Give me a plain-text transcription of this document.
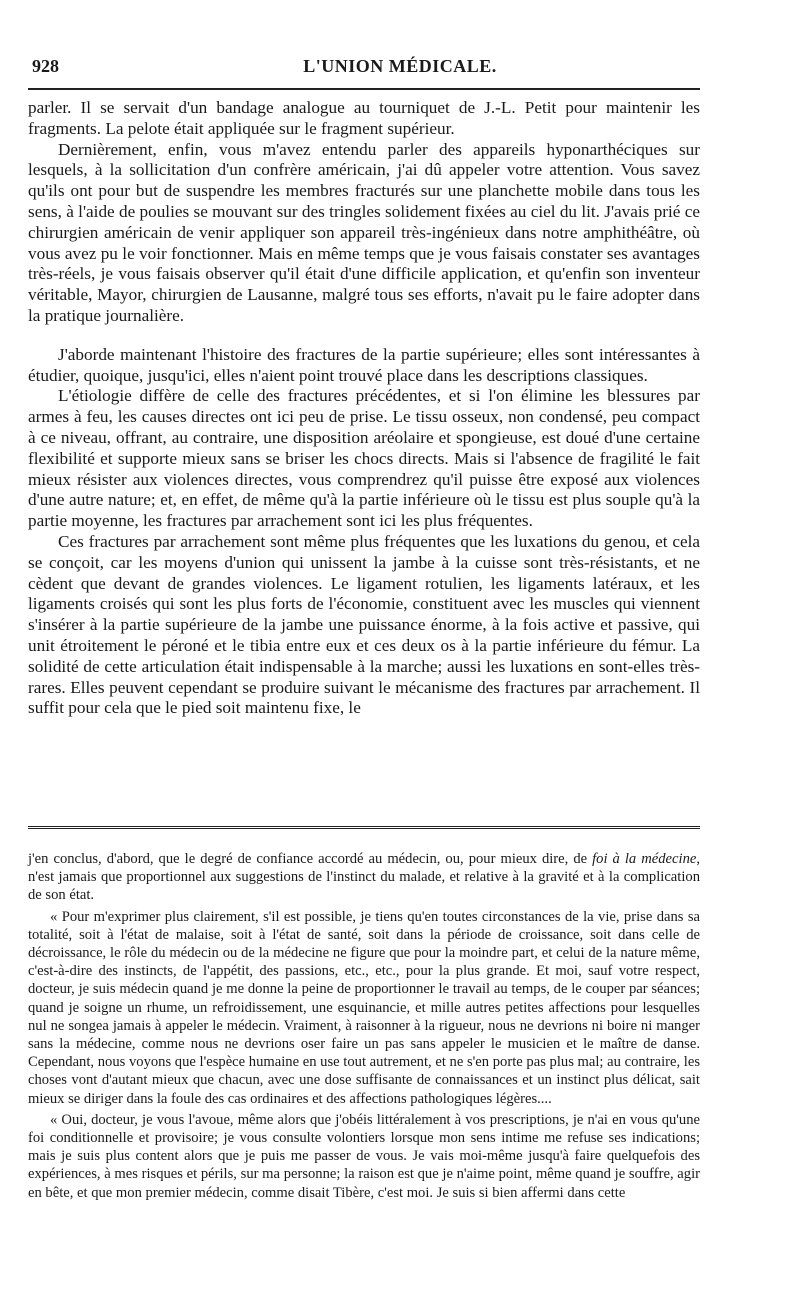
928	L'UNION MÉDICALE.

parler. Il se servait d'un bandage analogue au tourniquet de J.-L. Petit pour maintenir les fragments. La pelote était appliquée sur le fragment supérieur.

Dernièrement, enfin, vous m'avez entendu parler des appareils hyponarthéciques sur lesquels, à la sollicitation d'un confrère américain, j'ai dû appeler votre attention. Vous savez qu'ils ont pour but de suspendre les membres fracturés sur une planchette mobile dans tous les sens, à l'aide de poulies se mouvant sur des tringles solidement fixées au ciel du lit. J'avais prié ce chirurgien américain de venir appliquer son appareil très-ingénieux dans notre amphithéâtre, où vous avez pu le voir fonctionner. Mais en même temps que je vous faisais constater ses avantages très-réels, je vous faisais observer qu'il était d'une difficile application, et qu'enfin son inventeur véritable, Mayor, chirurgien de Lausanne, malgré tous ses efforts, n'avait pu le faire adopter dans la pratique journalière.

J'aborde maintenant l'histoire des fractures de la partie supérieure; elles sont intéressantes à étudier, quoique, jusqu'ici, elles n'aient point trouvé place dans les descriptions classiques.

L'étiologie diffère de celle des fractures précédentes, et si l'on élimine les blessures par armes à feu, les causes directes ont ici peu de prise. Le tissu osseux, non condensé, peu compact à ce niveau, offrant, au contraire, une disposition aréolaire et spongieuse, est doué d'une certaine flexibilité et supporte mieux sans se briser les chocs directs. Mais si l'absence de fragilité le fait mieux résister aux violences directes, vous comprendrez qu'il puisse être exposé aux violences d'une autre nature; et, en effet, de même qu'à la partie inférieure où le tissu est plus souple qu'à la partie moyenne, les fractures par arrachement sont ici les plus fréquentes.

Ces fractures par arrachement sont même plus fréquentes que les luxations du genou, et cela se conçoit, car les moyens d'union qui unissent la jambe à la cuisse sont très-résistants, et ne cèdent que devant de grandes violences. Le ligament rotulien, les ligaments latéraux, et les ligaments croisés qui sont les plus forts de l'économie, constituent avec les muscles qui viennent s'insérer à la partie supérieure de la jambe une puissance énorme, à la fois active et passive, qui unit étroitement le péroné et le tibia entre eux et ces deux os à la partie inférieure du fémur. La solidité de cette articulation était indispensable à la marche; aussi les luxations en sont-elles très-rares. Elles peuvent cependant se produire suivant le mécanisme des fractures par arrachement. Il suffit pour cela que le pied soit maintenu fixe, le

j'en conclus, d'abord, que le degré de confiance accordé au médecin, ou, pour mieux dire, de foi à la médecine, n'est jamais que proportionnel aux suggestions de l'instinct du malade, et relative à la gravité et à la complication de son état.

« Pour m'exprimer plus clairement, s'il est possible, je tiens qu'en toutes circonstances de la vie, prise dans sa totalité, soit à l'état de malaise, soit à l'état de santé, soit dans la période de croissance, soit dans celle de décroissance, le rôle du médecin ou de la médecine ne figure que pour la moindre part, et celui de la nature même, c'est-à-dire des instincts, de l'appétit, des passions, etc., etc., pour la plus grande. Et moi, sauf votre respect, docteur, je suis médecin quand je me donne la peine de proportionner le travail au temps, de le couper par séances; quand je soigne un rhume, un refroidissement, une esquinancie, et mille autres petites affections pour lesquelles nul ne songea jamais à appeler le médecin. Vraiment, à raisonner à la rigueur, nous ne devrions ni boire ni manger sans la médecine, comme nous ne devrions oser faire un pas sans appeler le musicien et le maître de danse. Cependant, nous voyons que l'espèce humaine en use tout autrement, et ne s'en porte pas plus mal; au contraire, les choses vont d'autant mieux que chacun, avec une dose suffisante de connaissances et un instinct plus délicat, sait mieux se diriger dans la foule des cas ordinaires et des affections pathologiques légères....

« Oui, docteur, je vous l'avoue, même alors que j'obéis littéralement à vos prescriptions, je n'ai en vous qu'une foi conditionnelle et provisoire; je vous consulte volontiers lorsque mon sens intime me refuse ses indications; mais je suis plus content alors que je puis me passer de vous. Je vais moi-même jusqu'à faire quelquefois des expériences, à mes risques et périls, sur ma personne; la raison est que je n'aime point, même quand je souffre, agir en bête, et que mon premier médecin, comme disait Tibère, c'est moi. Je suis si bien affermi dans cette
